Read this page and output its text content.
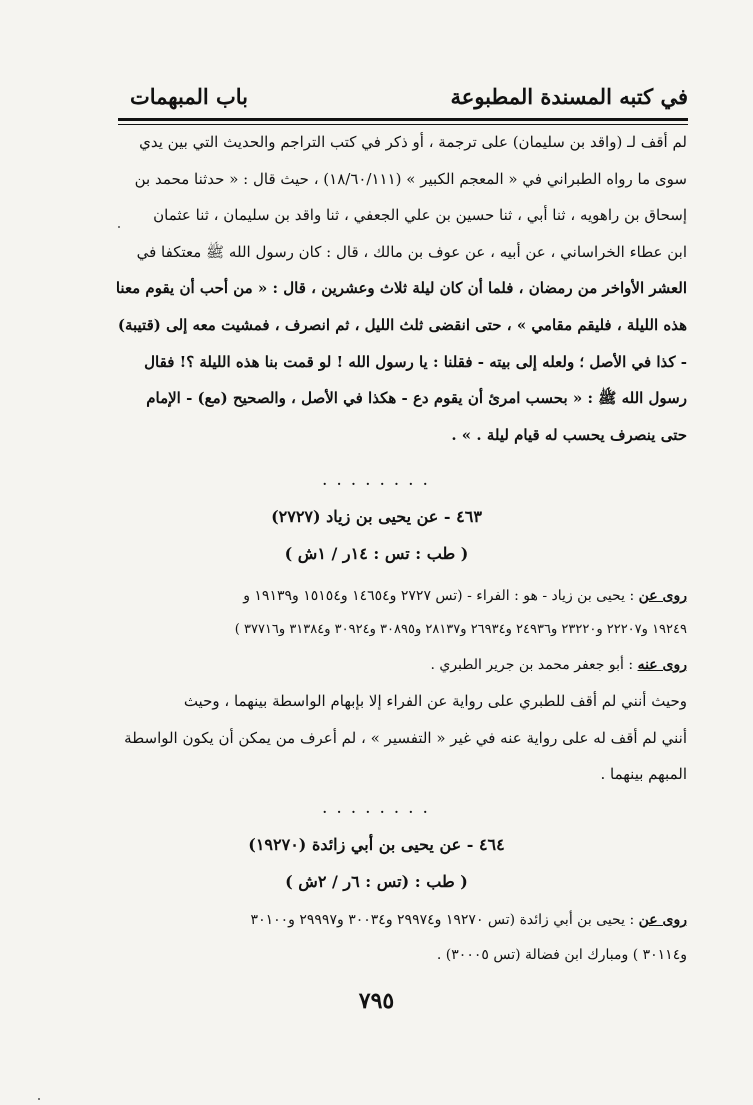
في كتبه المسندة المطبوعة
باب المبهمات
لم أقف لـ (واقد بن سليمان) على ترجمة ، أو ذكر في كتب التراجم والحديث التي بين يدي
سوى ما رواه الطبراني في « المعجم الكبير » (١٨/٦٠/١١١) ، حيث قال : « حدثنا محمد بن
إسحاق بن راهويه ، ثنا أبي ، ثنا حسين بن علي الجعفي ، ثنا واقد بن سليمان ، ثنا عثمان
ابن عطاء الخراساني ، عن أبيه ، عن عوف بن مالك ، قال : كان رسول الله ﷺ معتكفا في
العشر الأواخر من رمضان ، فلما أن كان ليلة ثلاث وعشرين ، قال : « من أحب أن يقوم معنا
هذه الليلة ، فليقم مقامي » ، حتى انقضى ثلث الليل ، ثم انصرف ، فمشيت معه إلى (قتيبة)
- كذا في الأصل ؛ ولعله إلى بيته - فقلنا : يا رسول الله ! لو قمت بنا هذه الليلة ؟! فقال
رسول الله ﷺ : « بحسب امرئ أن يقوم دع - هكذا في الأصل ، والصحيح (مع) - الإمام
حتى ينصرف يحسب له قيام ليلة . » .
. . . . . . . .
٤٦٣ - عن يحيى بن زياد (٢٧٢٧)
( طب : تس : ١٤ر / ١ش )
روى عن : يحيى بن زياد - هو : الفراء - (تس ٢٧٢٧ و١٤٦٥٤ و١٥١٥٤ و١٩١٣٩ و
١٩٢٤٩ و٢٢٢٠٧ و٢٣٢٢٠ و٢٤٩٣٦ و٢٦٩٣٤ و٢٨١٣٧ و٣٠٨٩٥ و٣٠٩٢٤ و٣١٣٨٤ و٣٧٧١٦ )
روى عنه : أبو جعفر محمد بن جرير الطبري .
وحيث أنني لم أقف للطبري على رواية عن الفراء إلا بإبهام الواسطة بينهما ، وحيث
أنني لم أقف له على رواية عنه في غير « التفسير » ، لم أعرف من يمكن أن يكون الواسطة
المبهم بينهما .
. . . . . . . .
٤٦٤ - عن يحيى بن أبي زائدة (١٩٢٧٠)
( طب : (تس : ٦ر / ٢ش )
روى عن : يحيى بن أبي زائدة (تس ١٩٢٧٠ و٢٩٩٧٤ و٣٠٠٣٤ و٢٩٩٩٧ و٣٠١٠٠
و٣٠١١٤ ) ومبارك ابن فضالة (تس ٣٠٠٠٥) .
٧٩٥
